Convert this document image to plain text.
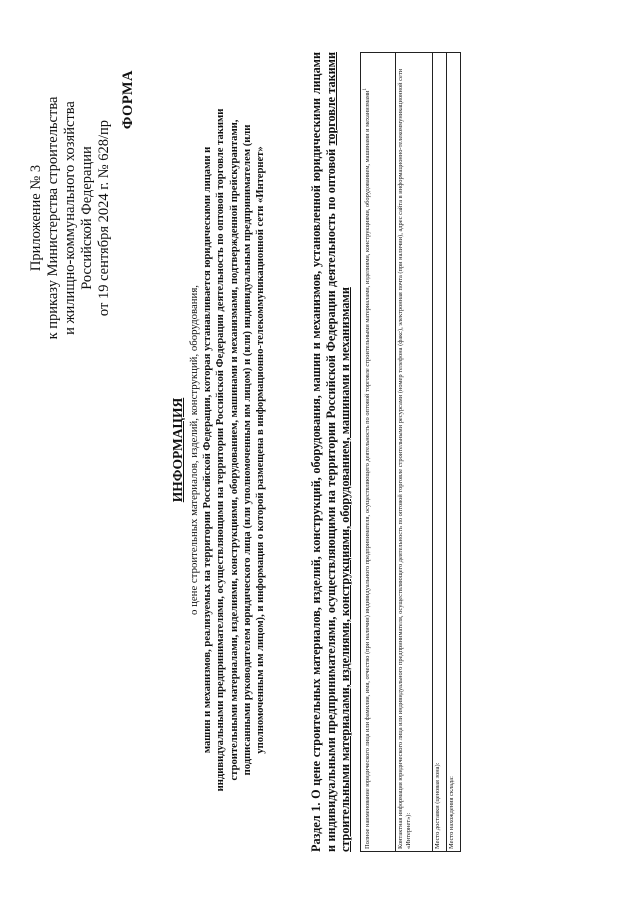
Приложение № 3 к приказу Министерства строительства и жилищно-коммунального хозяйства Российской Федерации от 19 сентября 2024 г. № 628/пр
ФОРМА
ИНФОРМАЦИЯ о цене строительных материалов, изделий, конструкций, оборудования, машин и механизмов, реализуемых на территории Российской Федерации, которая устанавливается юридическими лицами и индивидуальными предпринимателями, осуществляющими на территории Российской Федерации деятельность по оптовой торговле такими строительными материалами, изделиями, конструкциями, оборудованием, машинами и механизмами, подтвержденной прейскурантами, подписанными руководителем юридического лица (или уполномоченным им лицом) и (или) индивидуальным предпринимателем (или уполномоченным им лицом), и информация о которой размещена в информационно-телекоммуникационной сети «Интернет»	Раздел 1. О цене строительных материалов, изделий, конструкций, оборудования, машин и механизмов, установленной юридическими лицами и индивидуальными предпринимателями, осуществляющими на территории Российской Федерации деятельность по оптовой торговле такими строительными материалами, изделиями, конструкциями, оборудованием, машинами и механизмами Полное наименование юридического лица или фамилия, имя, отчество (при наличии) индивидуального предпринимателя, осуществляющего деятельность по оптовой торговле строительными материалами, изделиями, конструкциями, оборудованием, машинами и механизмами$^1$
Контактная информация юридического лица или индивидуального предпринимателя, осуществляющего деятельность по оптовой торговле строительными ресурсами (номер телефона (факс), электронная почта (при наличии), адрес сайта в информационно-телекоммуникационной сети «Интернет»):
Место доставки (ценовая зона):
Место нахождения склада:
